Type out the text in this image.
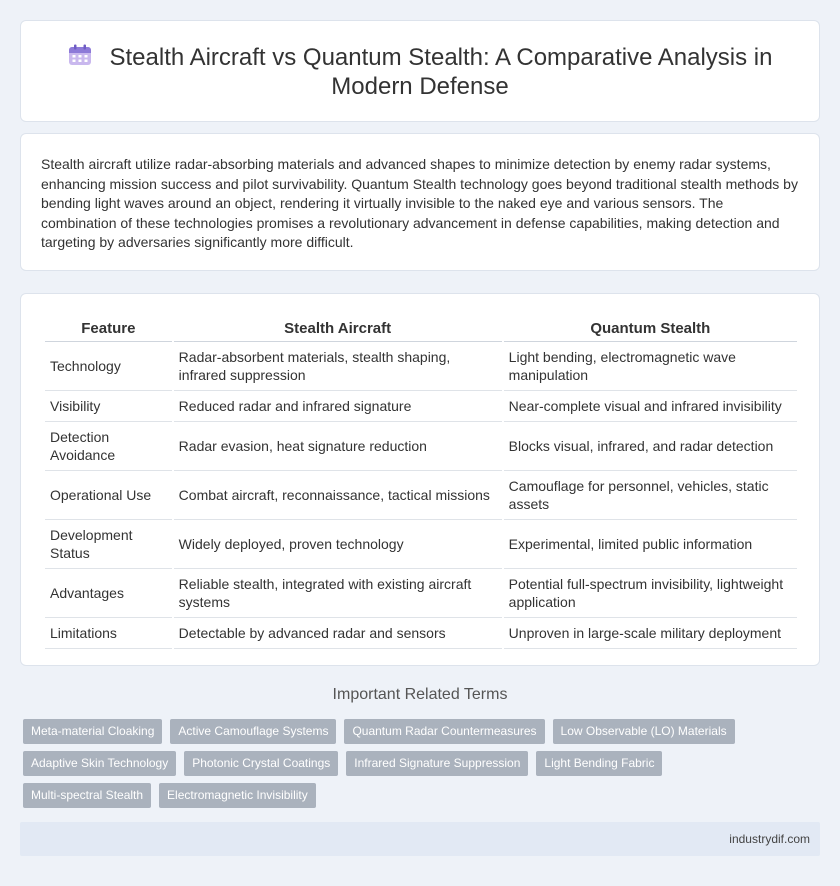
Stealth Aircraft vs Quantum Stealth: A Comparative Analysis in Modern Defense

Stealth aircraft utilize radar-absorbing materials and advanced shapes to minimize detection by enemy radar systems, enhancing mission success and pilot survivability. Quantum Stealth technology goes beyond traditional stealth methods by bending light waves around an object, rendering it virtually invisible to the naked eye and various sensors. The combination of these technologies promises a revolutionary advancement in defense capabilities, making detection and targeting by adversaries significantly more difficult.

Feature	Stealth Aircraft	Quantum Stealth
Technology	Radar-absorbent materials, stealth shaping, infrared suppression	Light bending, electromagnetic wave manipulation
Visibility	Reduced radar and infrared signature	Near-complete visual and infrared invisibility
Detection Avoidance	Radar evasion, heat signature reduction	Blocks visual, infrared, and radar detection
Operational Use	Combat aircraft, reconnaissance, tactical missions	Camouflage for personnel, vehicles, static assets
Development Status	Widely deployed, proven technology	Experimental, limited public information
Advantages	Reliable stealth, integrated with existing aircraft systems	Potential full-spectrum invisibility, lightweight application
Limitations	Detectable by advanced radar and sensors	Unproven in large-scale military deployment
Important Related Terms
Meta-material Cloaking	Active Camouflage Systems	Quantum Radar Countermeasures	Low Observable (LO) Materials
Adaptive Skin Technology	Photonic Crystal Coatings	Infrared Signature Suppression	Light Bending Fabric
Multi-spectral Stealth	Electromagnetic Invisibility
industrydif.com
